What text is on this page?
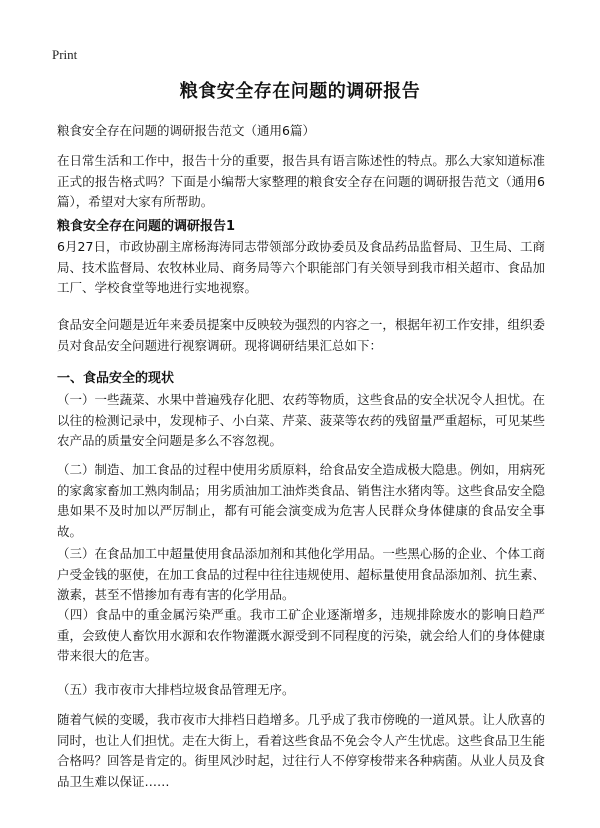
Print
粮食安全存在问题的调研报告
粮食安全存在问题的调研报告范文（通用6篇）

在日常生活和工作中，报告十分的重要，报告具有语言陈述性的特点。那么大家知道标准正式的报告格式吗？下面是小编帮大家整理的粮食安全存在问题的调研报告范文（通用6篇），希望对大家有所帮助。

粮食安全存在问题的调研报告1

6月27日，市政协副主席杨海涛同志带领部分政协委员及食品药品监督局、卫生局、工商局、技术监督局、农牧林业局、商务局等六个职能部门有关领导到我市相关超市、食品加工厂、学校食堂等地进行实地视察。

食品安全问题是近年来委员提案中反映较为强烈的内容之一，根据年初工作安排，组织委员对食品安全问题进行视察调研。现将调研结果汇总如下：

一、食品安全的现状

（一）一些蔬菜、水果中普遍残存化肥、农药等物质，这些食品的安全状况令人担忧。在以往的检测记录中，发现柿子、小白菜、芹菜、菠菜等农药的残留量严重超标，可见某些农产品的质量安全问题是多么不容忽视。

（二）制造、加工食品的过程中使用劣质原料，给食品安全造成极大隐患。例如，用病死的家禽家畜加工熟肉制品；用劣质油加工油炸类食品、销售注水猪肉等。这些食品安全隐患如果不及时加以严厉制止，都有可能会演变成为危害人民群众身体健康的食品安全事故。

（三）在食品加工中超量使用食品添加剂和其他化学用品。一些黑心肠的企业、个体工商户受金钱的驱使，在加工食品的过程中往往违规使用、超标量使用食品添加剂、抗生素、激素，甚至不惜掺加有毒有害的化学用品。

（四）食品中的重金属污染严重。我市工矿企业逐渐增多，违规排除废水的影响日趋严重，会致使人畜饮用水源和农作物灌溉水源受到不同程度的污染，就会给人们的身体健康带来很大的危害。

（五）我市夜市大排档垃圾食品管理无序。

随着气候的变暖，我市夜市大排档日趋增多。几乎成了我市傍晚的一道风景。让人欣喜的同时，也让人们担忧。走在大街上，看着这些食品不免会令人产生忧虑。这些食品卫生能合格吗？回答是肯定的。街里风沙时起，过往行人不停穿梭带来各种病菌。从业人员及食品卫生难以保证……
